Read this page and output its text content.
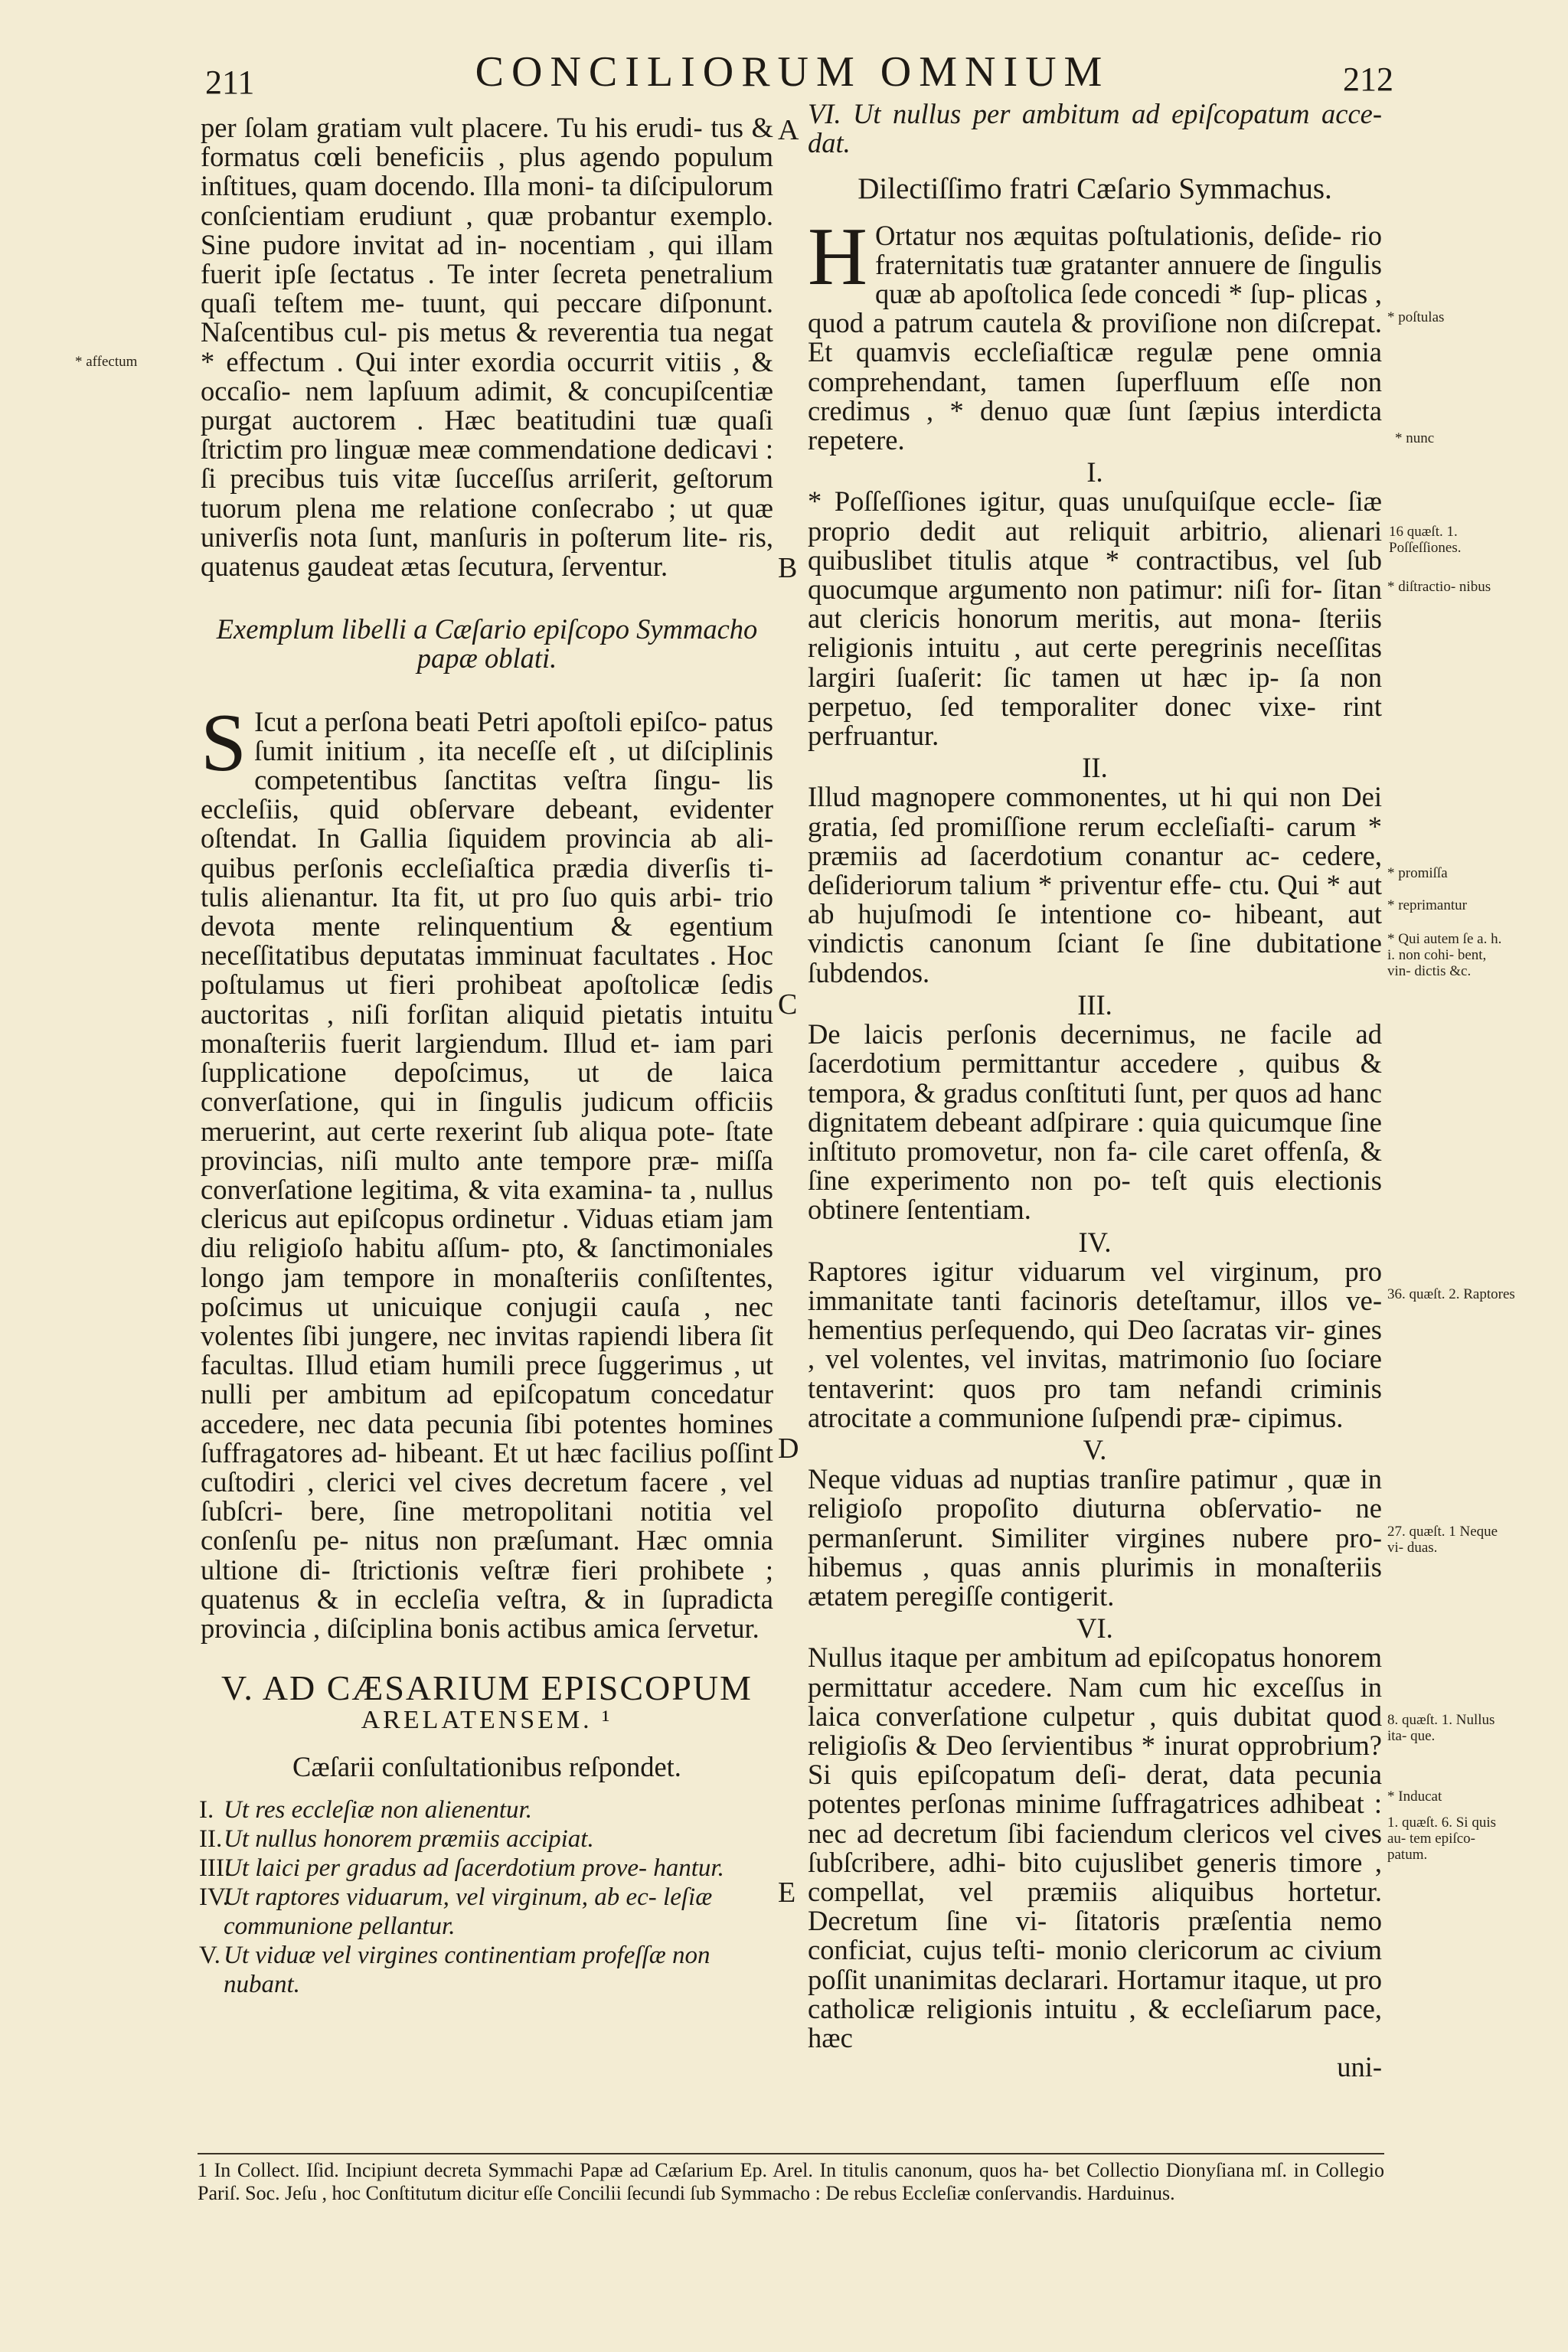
211	CONCILIORUM OMNIUM	212

per ſolam gratiam vult placere. Tu his erudi- tus & formatus cœli beneficiis , plus agendo populum inſtitues, quam docendo. Illa moni- ta diſcipulorum conſcientiam erudiunt , quæ probantur exemplo. Sine pudore invitat ad in- nocentiam , qui illam fuerit ipſe ſectatus . Te inter ſecreta penetralium quaſi teſtem me- tuunt, qui peccare diſponunt. Naſcentibus cul- pis metus & reverentia tua negat * effectum . Qui inter exordia occurrit vitiis , & occaſio- nem lapſuum adimit, & concupiſcentiæ purgat auctorem . Hæc beatitudini tuæ quaſi ſtrictim pro linguæ meæ commendatione dedicavi : ſi precibus tuis vitæ ſucceſſus arriſerit, geſtorum tuorum plena me relatione conſecrabo ; ut quæ univerſis nota ſunt, manſuris in poſterum lite- ris, quatenus gaudeat ætas ſecutura, ſerventur.

Exemplum libelli a Cæſario epiſcopo Symmacho papæ oblati.

S Icut a perſona beati Petri apoſtoli epiſco- patus ſumit initium , ita neceſſe eſt , ut diſciplinis competentibus ſanctitas veſtra ſingu- lis eccleſiis, quid obſervare debeant, evidenter oſtendat. In Gallia ſiquidem provincia ab ali- quibus perſonis eccleſiaſtica prædia diverſis ti- tulis alienantur. Ita fit, ut pro ſuo quis arbi- trio devota mente relinquentium & egentium neceſſitatibus deputatas imminuat facultates . Hoc poſtulamus ut fieri prohibeat apoſtolicæ ſedis auctoritas , niſi forſitan aliquid pietatis intuitu monaſteriis fuerit largiendum. Illud et- iam pari ſupplicatione depoſcimus, ut de laica converſatione, qui in ſingulis judicum officiis meruerint, aut certe rexerint ſub aliqua pote- ſtate provincias, niſi multo ante tempore præ- miſſa converſatione legitima, & vita examina- ta , nullus clericus aut epiſcopus ordinetur . Viduas etiam jam diu religioſo habitu aſſum- pto, & ſanctimoniales longo jam tempore in monaſteriis conſiſtentes, poſcimus ut unicuique conjugii cauſa , nec volentes ſibi jungere, nec invitas rapiendi libera ſit facultas. Illud etiam humili prece ſuggerimus , ut nulli per ambitum ad epiſcopatum concedatur accedere, nec data pecunia ſibi potentes homines ſuffragatores ad- hibeant. Et ut hæc facilius poſſint cuſtodiri , clerici vel cives decretum facere , vel ſubſcri- bere, ſine metropolitani notitia vel conſenſu pe- nitus non præſumant. Hæc omnia ultione di- ſtrictionis veſtræ fieri prohibete ; quatenus & in eccleſia veſtra, & in ſupradicta provincia , diſciplina bonis actibus amica ſervetur.

V. AD CÆSARIUM EPISCOPUM
ARELATENSEM. ¹

Cæſarii conſultationibus reſpondet.

I. Ut res eccleſiæ non alienentur.
II. Ut nullus honorem præmiis accipiat.
III.
Ut laici per gradus ad ſacerdotium prove- hantur.
IV.
Ut raptores viduarum, vel virginum, ab ec- leſiæ communione pellantur.
V. Ut viduæ vel virgines continentiam profeſſæ non nubant.

VI. Ut nullus per ambitum ad epiſcopatum acce- dat.

Dilectiſſimo fratri Cæſario Symmachus.

H Ortatur nos æquitas poſtulationis, deſide- rio fraternitatis tuæ gratanter annuere de ſingulis quæ ab apoſtolica ſede concedi * ſup- plicas , quod a patrum cautela & proviſione non diſcrepat. Et quamvis eccleſiaſticæ regulæ pene omnia comprehendant, tamen ſuperfluum eſſe non credimus , * denuo quæ ſunt ſæpius interdicta repetere.

I.

* Poſſeſſiones igitur, quas unuſquiſque eccle- ſiæ proprio dedit aut reliquit arbitrio, alienari quibuslibet titulis atque * contractibus, vel ſub quocumque argumento non patimur: niſi for- ſitan aut clericis honorum meritis, aut mona- ſteriis religionis intuitu , aut certe peregrinis neceſſitas largiri ſuaſerit: ſic tamen ut hæc ip- ſa non perpetuo, ſed temporaliter donec vixe- rint perfruantur.

II.

Illud magnopere commonentes, ut hi qui non Dei gratia, ſed promiſſione rerum eccleſiaſti- carum * præmiis ad ſacerdotium conantur ac- cedere, deſideriorum talium * priventur effe- ctu. Qui * aut ab hujuſmodi ſe intentione co- hibeant, aut vindictis canonum ſciant ſe ſine dubitatione ſubdendos.

III.

De laicis perſonis decernimus, ne facile ad ſacerdotium permittantur accedere , quibus & tempora, & gradus conſtituti ſunt, per quos ad hanc dignitatem debeant adſpirare : quia quicumque ſine inſtituto promovetur, non fa- cile caret offenſa, & ſine experimento non po- teſt quis electionis obtinere ſententiam.

IV.

Raptores igitur viduarum vel virginum, pro immanitate tanti facinoris deteſtamur, illos ve- hementius perſequendo, qui Deo ſacratas vir- gines , vel volentes, vel invitas, matrimonio ſuo ſociare tentaverint: quos pro tam nefandi criminis atrocitate a communione ſuſpendi præ- cipimus.

V.

Neque viduas ad nuptias tranſire patimur , quæ in religioſo propoſito diuturna obſervatio- ne permanſerunt. Similiter virgines nubere pro- hibemus , quas annis plurimis in monaſteriis ætatem peregiſſe contigerit.

VI.

Nullus itaque per ambitum ad epiſcopatus honorem permittatur accedere. Nam cum hic exceſſus in laica converſatione culpetur , quis dubitat quod religioſis & Deo ſervientibus * inurat opprobrium? Si quis epiſcopatum deſi- derat, data pecunia potentes perſonas minime ſuffragatrices adhibeat : nec ad decretum ſibi faciendum clericos vel cives ſubſcribere, adhi- bito cujuslibet generis timore , compellat, vel præmiis aliquibus hortetur. Decretum ſine vi- ſitatoris præſentia nemo conficiat, cujus teſti- monio clericorum ac civium poſſit unanimitas declarari. Hortamur itaque, ut pro catholicæ religionis intuitu , & eccleſiarum pace, hæc

uni-

A
B
C
D
E
* affectum
* poſtulas
* nunc
16 quæſt. 1. Poſſeſſiones.
* diſtractio- nibus
* promiſſa
* reprimantur
* Qui autem ſe a. h. i. non cohi- bent, vin- dictis &c.
36. quæſt. 2. Raptores
27. quæſt. 1 Neque vi- duas.
8. quæſt. 1. Nullus ita- que.
* Inducat
1. quæſt. 6. Si quis au- tem epiſco- patum.

1 In Collect. Iſid. Incipiunt decreta Symmachi Papæ ad Cæſarium Ep. Arel. In titulis canonum, quos ha- bet Collectio Dionyſiana mſ. in Collegio Pariſ. Soc. Jeſu , hoc Conſtitutum dicitur eſſe Concilii ſecundi ſub Symmacho : De rebus Eccleſiæ conſervandis. Harduinus.
